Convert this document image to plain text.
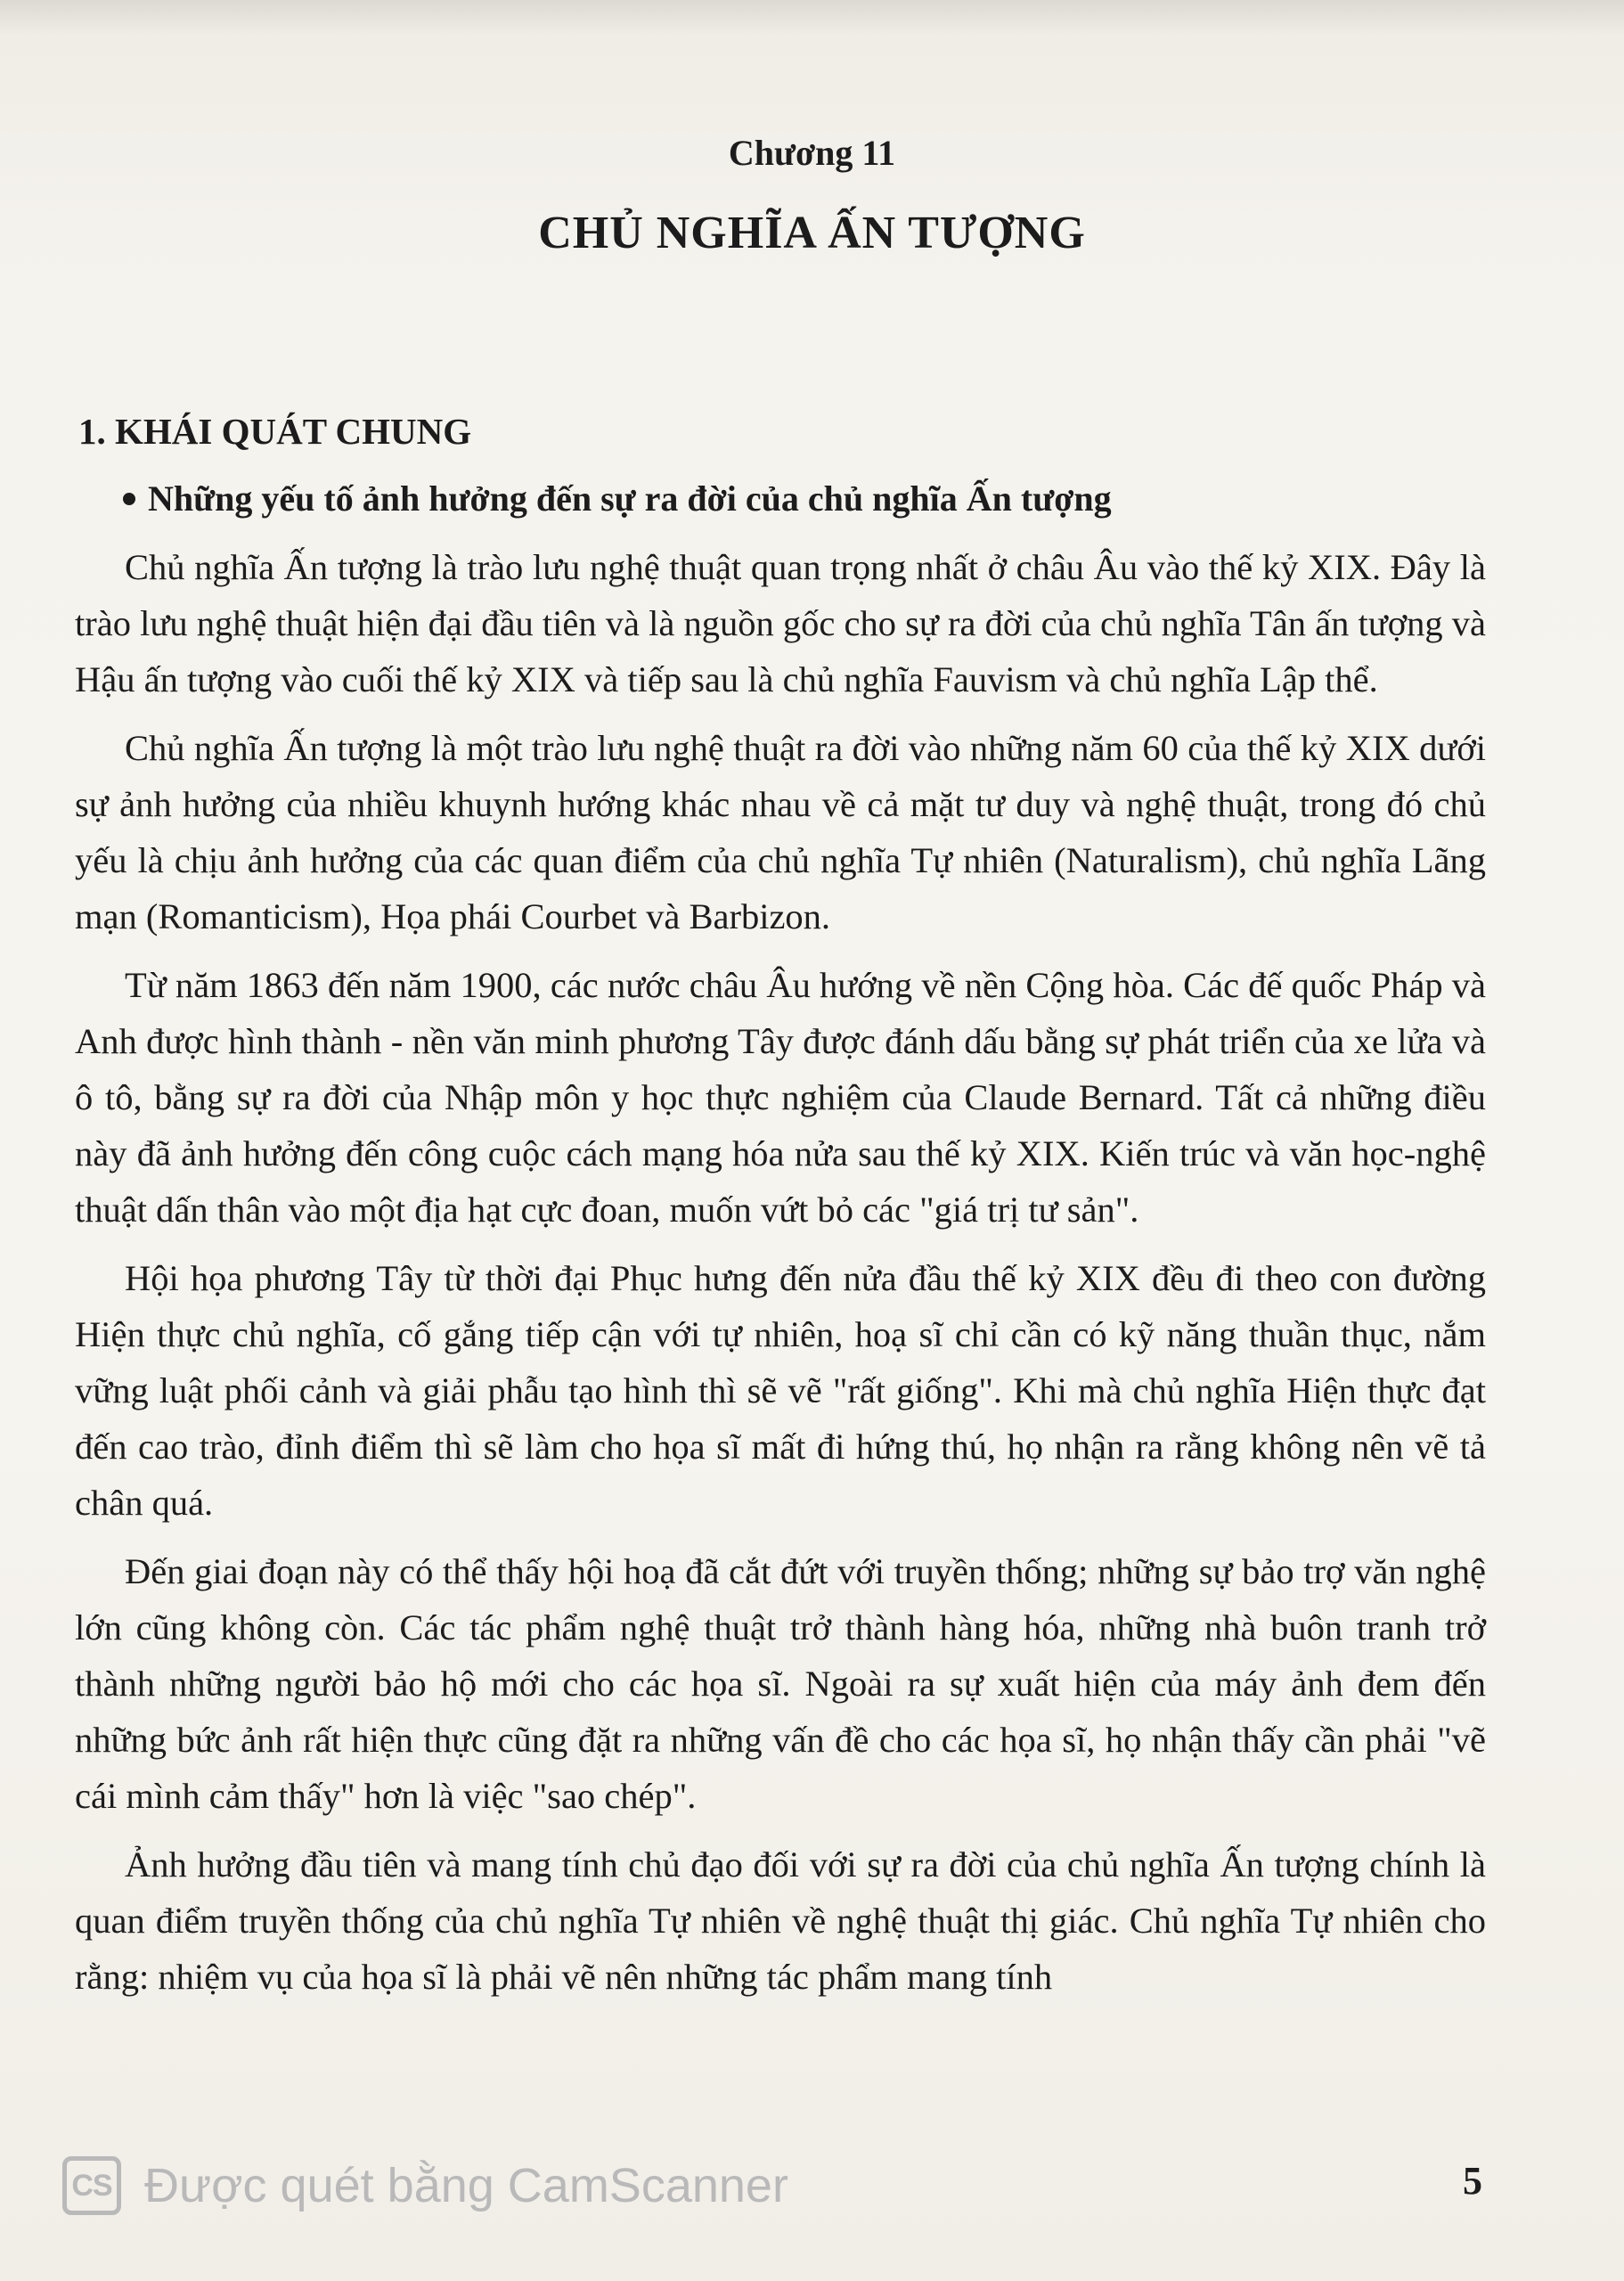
Chương 11
CHỦ NGHĨA ẤN TƯỢNG
1. KHÁI QUÁT CHUNG
Những yếu tố ảnh hưởng đến sự ra đời của chủ nghĩa Ấn tượng

Chủ nghĩa Ấn tượng là trào lưu nghệ thuật quan trọng nhất ở châu Âu vào thế kỷ XIX. Đây là trào lưu nghệ thuật hiện đại đầu tiên và là nguồn gốc cho sự ra đời của chủ nghĩa Tân ấn tượng và Hậu ấn tượng vào cuối thế kỷ XIX và tiếp sau là chủ nghĩa Fauvism và chủ nghĩa Lập thể.

Chủ nghĩa Ấn tượng là một trào lưu nghệ thuật ra đời vào những năm 60 của thế kỷ XIX dưới sự ảnh hưởng của nhiều khuynh hướng khác nhau về cả mặt tư duy và nghệ thuật, trong đó chủ yếu là chịu ảnh hưởng của các quan điểm của chủ nghĩa Tự nhiên (Naturalism), chủ nghĩa Lãng mạn (Romanticism), Họa phái Courbet và Barbizon.

Từ năm 1863 đến năm 1900, các nước châu Âu hướng về nền Cộng hòa. Các đế quốc Pháp và Anh được hình thành - nền văn minh phương Tây được đánh dấu bằng sự phát triển của xe lửa và ô tô, bằng sự ra đời của Nhập môn y học thực nghiệm của Claude Bernard. Tất cả những điều này đã ảnh hưởng đến công cuộc cách mạng hóa nửa sau thế kỷ XIX. Kiến trúc và văn học-nghệ thuật dấn thân vào một địa hạt cực đoan, muốn vứt bỏ các "giá trị tư sản".

Hội họa phương Tây từ thời đại Phục hưng đến nửa đầu thế kỷ XIX đều đi theo con đường Hiện thực chủ nghĩa, cố gắng tiếp cận với tự nhiên, hoạ sĩ chỉ cần có kỹ năng thuần thục, nắm vững luật phối cảnh và giải phẫu tạo hình thì sẽ vẽ "rất giống". Khi mà chủ nghĩa Hiện thực đạt đến cao trào, đỉnh điểm thì sẽ làm cho họa sĩ mất đi hứng thú, họ nhận ra rằng không nên vẽ tả chân quá.

Đến giai đoạn này có thể thấy hội hoạ đã cắt đứt với truyền thống; những sự bảo trợ văn nghệ lớn cũng không còn. Các tác phẩm nghệ thuật trở thành hàng hóa, những nhà buôn tranh trở thành những người bảo hộ mới cho các họa sĩ. Ngoài ra sự xuất hiện của máy ảnh đem đến những bức ảnh rất hiện thực cũng đặt ra những vấn đề cho các họa sĩ, họ nhận thấy cần phải "vẽ cái mình cảm thấy" hơn là việc "sao chép".

Ảnh hưởng đầu tiên và mang tính chủ đạo đối với sự ra đời của chủ nghĩa Ấn tượng chính là quan điểm truyền thống của chủ nghĩa Tự nhiên về nghệ thuật thị giác. Chủ nghĩa Tự nhiên cho rằng: nhiệm vụ của họa sĩ là phải vẽ nên những tác phẩm mang tính

CS Được quét bằng CamScanner	5
